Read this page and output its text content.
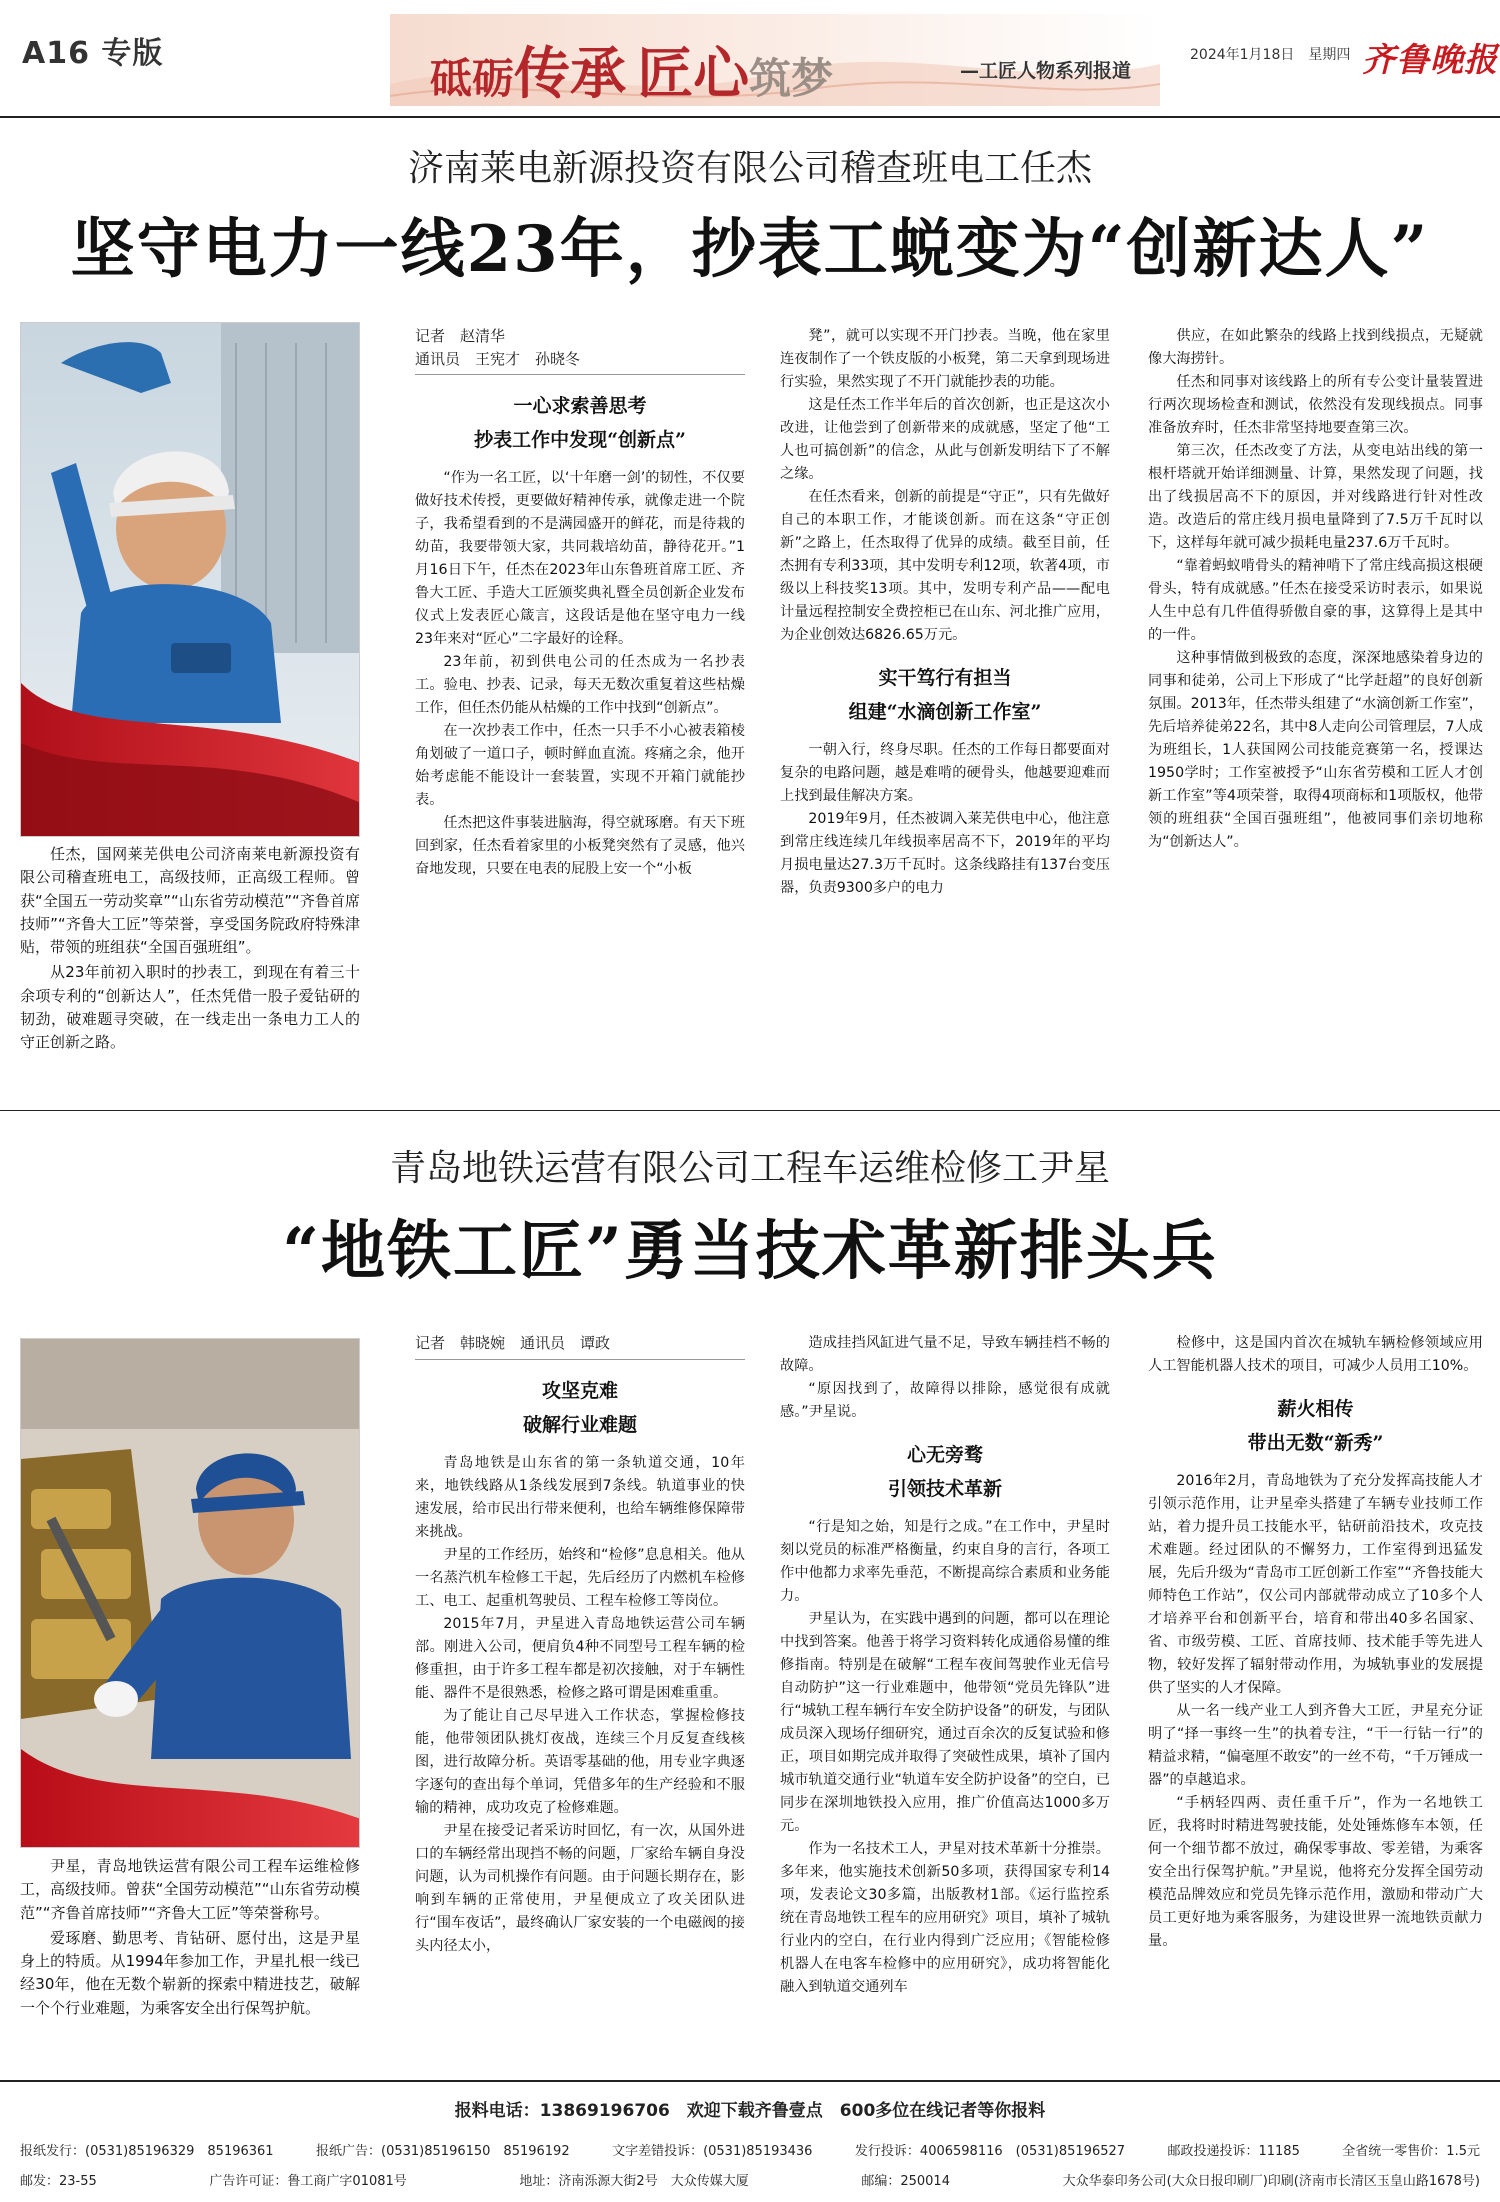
A16 专版
砥砺传承 匠心筑梦	—工匠人物系列报道
2024年1月18日　星期四 齐鲁晚报
济南莱电新源投资有限公司稽查班电工任杰
坚守电力一线23年，抄表工蜕变为“创新达人”

任杰，国网莱芜供电公司济南莱电新源投资有限公司稽查班电工，高级技师，正高级工程师。曾获“全国五一劳动奖章”“山东省劳动模范”“齐鲁首席技师”“齐鲁大工匠”等荣誉，享受国务院政府特殊津贴，带领的班组获“全国百强班组”。

从23年前初入职时的抄表工，到现在有着三十余项专利的“创新达人”，任杰凭借一股子爱钻研的韧劲，破难题寻突破，在一线走出一条电力工人的守正创新之路。

记者　赵清华
通讯员　王宪才　孙晓冬
一心求索善思考
抄表工作中发现“创新点”

“作为一名工匠，以‘十年磨一剑’的韧性，不仅要做好技术传授，更要做好精神传承，就像走进一个院子，我希望看到的不是满园盛开的鲜花，而是待栽的幼苗，我要带领大家，共同栽培幼苗，静待花开。”1月16日下午，任杰在2023年山东鲁班首席工匠、齐鲁大工匠、手造大工匠颁奖典礼暨全员创新企业发布仪式上发表匠心箴言，这段话是他在坚守电力一线23年来对“匠心”二字最好的诠释。

23年前，初到供电公司的任杰成为一名抄表工。验电、抄表、记录，每天无数次重复着这些枯燥工作，但任杰仍能从枯燥的工作中找到“创新点”。

在一次抄表工作中，任杰一只手不小心被表箱棱角划破了一道口子，顿时鲜血直流。疼痛之余，他开始考虑能不能设计一套装置，实现不开箱门就能抄表。

任杰把这件事装进脑海，得空就琢磨。有天下班回到家，任杰看着家里的小板凳突然有了灵感，他兴奋地发现，只要在电表的屁股上安一个“小板

凳”，就可以实现不开门抄表。当晚，他在家里连夜制作了一个铁皮版的小板凳，第二天拿到现场进行实验，果然实现了不开门就能抄表的功能。

这是任杰工作半年后的首次创新，也正是这次小改进，让他尝到了创新带来的成就感，坚定了他“工人也可搞创新”的信念，从此与创新发明结下了不解之缘。

在任杰看来，创新的前提是“守正”，只有先做好自己的本职工作，才能谈创新。而在这条“守正创新”之路上，任杰取得了优异的成绩。截至目前，任杰拥有专利33项，其中发明专利12项，软著4项，市级以上科技奖13项。其中，发明专利产品——配电计量远程控制安全费控柜已在山东、河北推广应用，为企业创效达6826.65万元。

实干笃行有担当
组建“水滴创新工作室”

一朝入行，终身尽职。任杰的工作每日都要面对复杂的电路问题，越是难啃的硬骨头，他越要迎难而上找到最佳解决方案。

2019年9月，任杰被调入莱芜供电中心，他注意到常庄线连续几年线损率居高不下，2019年的平均月损电量达27.3万千瓦时。这条线路挂有137台变压器，负责9300多户的电力

供应，在如此繁杂的线路上找到线损点，无疑就像大海捞针。

任杰和同事对该线路上的所有专公变计量装置进行两次现场检查和测试，依然没有发现线损点。同事准备放弃时，任杰非常坚持地要查第三次。

第三次，任杰改变了方法，从变电站出线的第一根杆塔就开始详细测量、计算，果然发现了问题，找出了线损居高不下的原因，并对线路进行针对性改造。改造后的常庄线月损电量降到了7.5万千瓦时以下，这样每年就可减少损耗电量237.6万千瓦时。

“靠着蚂蚁啃骨头的精神啃下了常庄线高损这根硬骨头，特有成就感。”任杰在接受采访时表示，如果说人生中总有几件值得骄傲自豪的事，这算得上是其中的一件。

这种事情做到极致的态度，深深地感染着身边的同事和徒弟，公司上下形成了“比学赶超”的良好创新氛围。2013年，任杰带头组建了“水滴创新工作室”，先后培养徒弟22名，其中8人走向公司管理层，7人成为班组长，1人获国网公司技能竞赛第一名，授课达1950学时；工作室被授予“山东省劳模和工匠人才创新工作室”等4项荣誉，取得4项商标和1项版权，他带领的班组获“全国百强班组”，他被同事们亲切地称为“创新达人”。

青岛地铁运营有限公司工程车运维检修工尹星
“地铁工匠”勇当技术革新排头兵

尹星，青岛地铁运营有限公司工程车运维检修工，高级技师。曾获“全国劳动模范”“山东省劳动模范”“齐鲁首席技师”“齐鲁大工匠”等荣誉称号。

爱琢磨、勤思考、肯钻研、愿付出，这是尹星身上的特质。从1994年参加工作，尹星扎根一线已经30年，他在无数个崭新的探索中精进技艺，破解一个个行业难题，为乘客安全出行保驾护航。

记者　韩晓婉　通讯员　谭政
攻坚克难
破解行业难题

青岛地铁是山东省的第一条轨道交通，10年来，地铁线路从1条线发展到7条线。轨道事业的快速发展，给市民出行带来便利，也给车辆维修保障带来挑战。

尹星的工作经历，始终和“检修”息息相关。他从一名蒸汽机车检修工干起，先后经历了内燃机车检修工、电工、起重机驾驶员、工程车检修工等岗位。

2015年7月，尹星进入青岛地铁运营公司车辆部。刚进入公司，便肩负4种不同型号工程车辆的检修重担，由于许多工程车都是初次接触，对于车辆性能、器件不是很熟悉，检修之路可谓是困难重重。

为了能让自己尽早进入工作状态，掌握检修技能，他带领团队挑灯夜战，连续三个月反复查线核图，进行故障分析。英语零基础的他，用专业字典逐字逐句的查出每个单词，凭借多年的生产经验和不服输的精神，成功攻克了检修难题。

尹星在接受记者采访时回忆，有一次，从国外进口的车辆经常出现挡不畅的问题，厂家给车辆自身没问题，认为司机操作有问题。由于问题长期存在，影响到车辆的正常使用，尹星便成立了攻关团队进行“围车夜话”，最终确认厂家安装的一个电磁阀的接头内径太小，

造成挂挡风缸进气量不足，导致车辆挂档不畅的故障。

“原因找到了，故障得以排除，感觉很有成就感。”尹星说。

心无旁骛
引领技术革新

“行是知之始，知是行之成。”在工作中，尹星时刻以党员的标准严格衡量，约束自身的言行，各项工作中他都力求率先垂范，不断提高综合素质和业务能力。

尹星认为，在实践中遇到的问题，都可以在理论中找到答案。他善于将学习资料转化成通俗易懂的维修指南。特别是在破解“工程车夜间驾驶作业无信号自动防护”这一行业难题中，他带领“党员先锋队”进行“城轨工程车辆行车安全防护设备”的研发，与团队成员深入现场仔细研究，通过百余次的反复试验和修正，项目如期完成并取得了突破性成果，填补了国内城市轨道交通行业“轨道车安全防护设备”的空白，已同步在深圳地铁投入应用，推广价值高达1000多万元。

作为一名技术工人，尹星对技术革新十分推崇。多年来，他实施技术创新50多项，获得国家专利14项，发表论文30多篇，出版教材1部。《运行监控系统在青岛地铁工程车的应用研究》项目，填补了城轨行业内的空白，在行业内得到广泛应用；《智能检修机器人在电客车检修中的应用研究》，成功将智能化融入到轨道交通列车

检修中，这是国内首次在城轨车辆检修领域应用人工智能机器人技术的项目，可减少人员用工10%。

薪火相传
带出无数“新秀”

2016年2月，青岛地铁为了充分发挥高技能人才引领示范作用，让尹星牵头搭建了车辆专业技师工作站，着力提升员工技能水平，钻研前沿技术，攻克技术难题。经过团队的不懈努力，工作室得到迅猛发展，先后升级为“青岛市工匠创新工作室”“齐鲁技能大师特色工作站”，仅公司内部就带动成立了10多个人才培养平台和创新平台，培育和带出40多名国家、省、市级劳模、工匠、首席技师、技术能手等先进人物，较好发挥了辐射带动作用，为城轨事业的发展提供了坚实的人才保障。

从一名一线产业工人到齐鲁大工匠，尹星充分证明了“择一事终一生”的执着专注，“干一行钻一行”的精益求精，“偏毫厘不敢安”的一丝不苟，“千万锤成一器”的卓越追求。

“手柄轻四两、责任重千斤”，作为一名地铁工匠，我将时时精进驾驶技能，处处锤炼修车本领，任何一个细节都不放过，确保零事故、零差错，为乘客安全出行保驾护航。”尹星说，他将充分发挥全国劳动模范品牌效应和党员先锋示范作用，激励和带动广大员工更好地为乘客服务，为建设世界一流地铁贡献力量。

报料电话：13869196706　欢迎下载齐鲁壹点　600多位在线记者等你报料
报纸发行：(0531)85196329　85196361	报纸广告：(0531)85196150　85196192	文字差错投诉：(0531)85193436	发行投诉：4006598116　(0531)85196527	邮政投递投诉：11185	全省统一零售价：1.5元
邮发：23-55	广告许可证：鲁工商广字01081号	地址：济南泺源大街2号　大众传媒大厦	邮编：250014	大众华泰印务公司(大众日报印刷厂)印刷(济南市长清区玉皇山路1678号)
